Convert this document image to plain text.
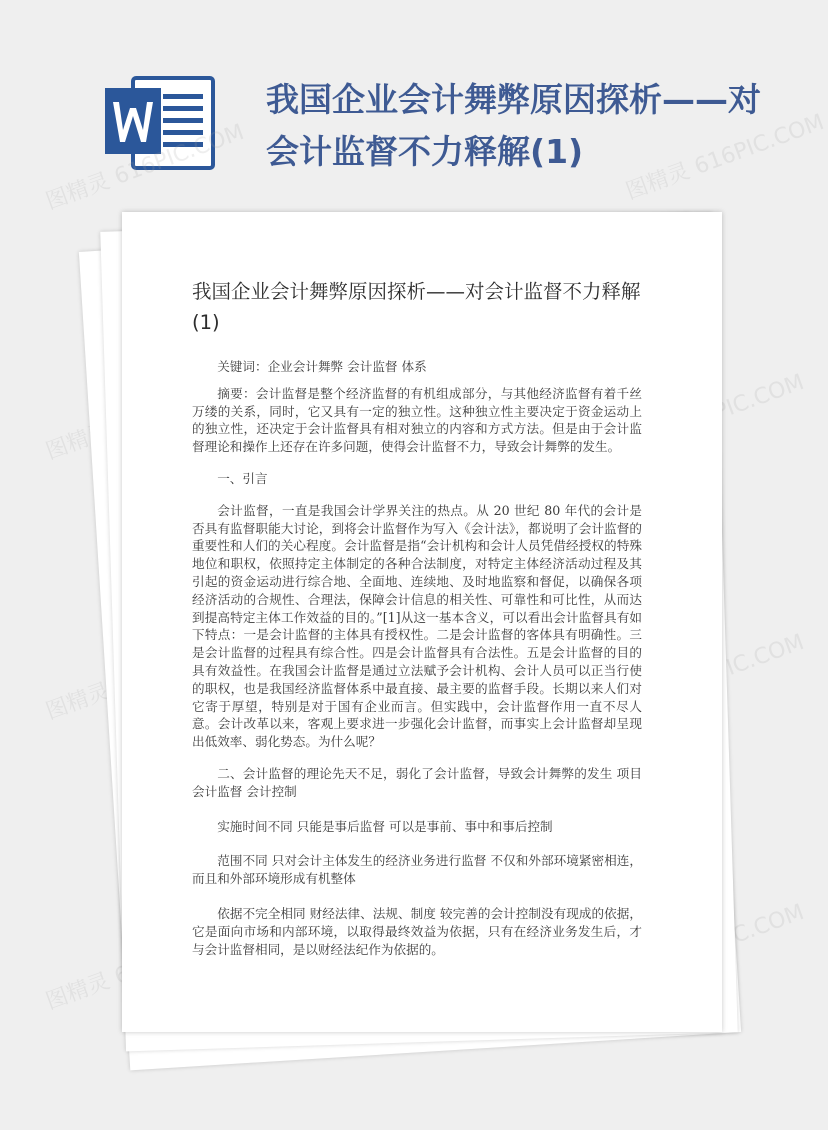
我国企业会计舞弊原因探析——对会计监督不力释解(1)
图精灵	图精灵 616PIC.COM
图精灵
616PIC.COM
图精灵
616PIC.COM
图精灵
616PIC.COM
我国企业会计舞弊原因探析——对会计监督不力释解(1)

关键词：企业会计舞弊 会计监督 体系

摘要：会计监督是整个经济监督的有机组成部分，与其他经济监督有着千丝万缕的关系，同时，它又具有一定的独立性。这种独立性主要决定于资金运动上的独立性，还决定于会计监督具有相对独立的内容和方式方法。但是由于会计监督理论和操作上还存在许多问题，使得会计监督不力，导致会计舞弊的发生。

一、引言

会计监督，一直是我国会计学界关注的热点。从 20 世纪 80 年代的会计是否具有监督职能大讨论，到将会计监督作为写入《会计法》，都说明了会计监督的重要性和人们的关心程度。会计监督是指“会计机构和会计人员凭借经授权的特殊地位和职权，依照持定主体制定的各种合法制度，对特定主体经济活动过程及其引起的资金运动进行综合地、全面地、连续地、及时地监察和督促，以确保各项经济活动的合规性、合理法，保障会计信息的相关性、可靠性和可比性，从而达到提高特定主体工作效益的目的。”[1]从这一基本含义，可以看出会计监督具有如下特点：一是会计监督的主体具有授权性。二是会计监督的客体具有明确性。三是会计监督的过程具有综合性。四是会计监督具有合法性。五是会计监督的目的具有效益性。在我国会计监督是通过立法赋予会计机构、会计人员可以正当行使的职权，也是我国经济监督体系中最直接、最主要的监督手段。长期以来人们对它寄于厚望，特别是对于国有企业而言。但实践中，会计监督作用一直不尽人意。会计改革以来，客观上要求进一步强化会计监督，而事实上会计监督却呈现出低效率、弱化势态。为什么呢？

二、会计监督的理论先天不足，弱化了会计监督，导致会计舞弊的发生 项目 会计监督 会计控制

实施时间不同 只能是事后监督 可以是事前、事中和事后控制

范围不同 只对会计主体发生的经济业务进行监督 不仅和外部环境紧密相连，而且和外部环境形成有机整体

依据不完全相同 财经法律、法规、制度 较完善的会计控制没有现成的依据，它是面向市场和内部环境，以取得最终效益为依据，只有在经济业务发生后，才与会计监督相同，是以财经法纪作为依据的。
